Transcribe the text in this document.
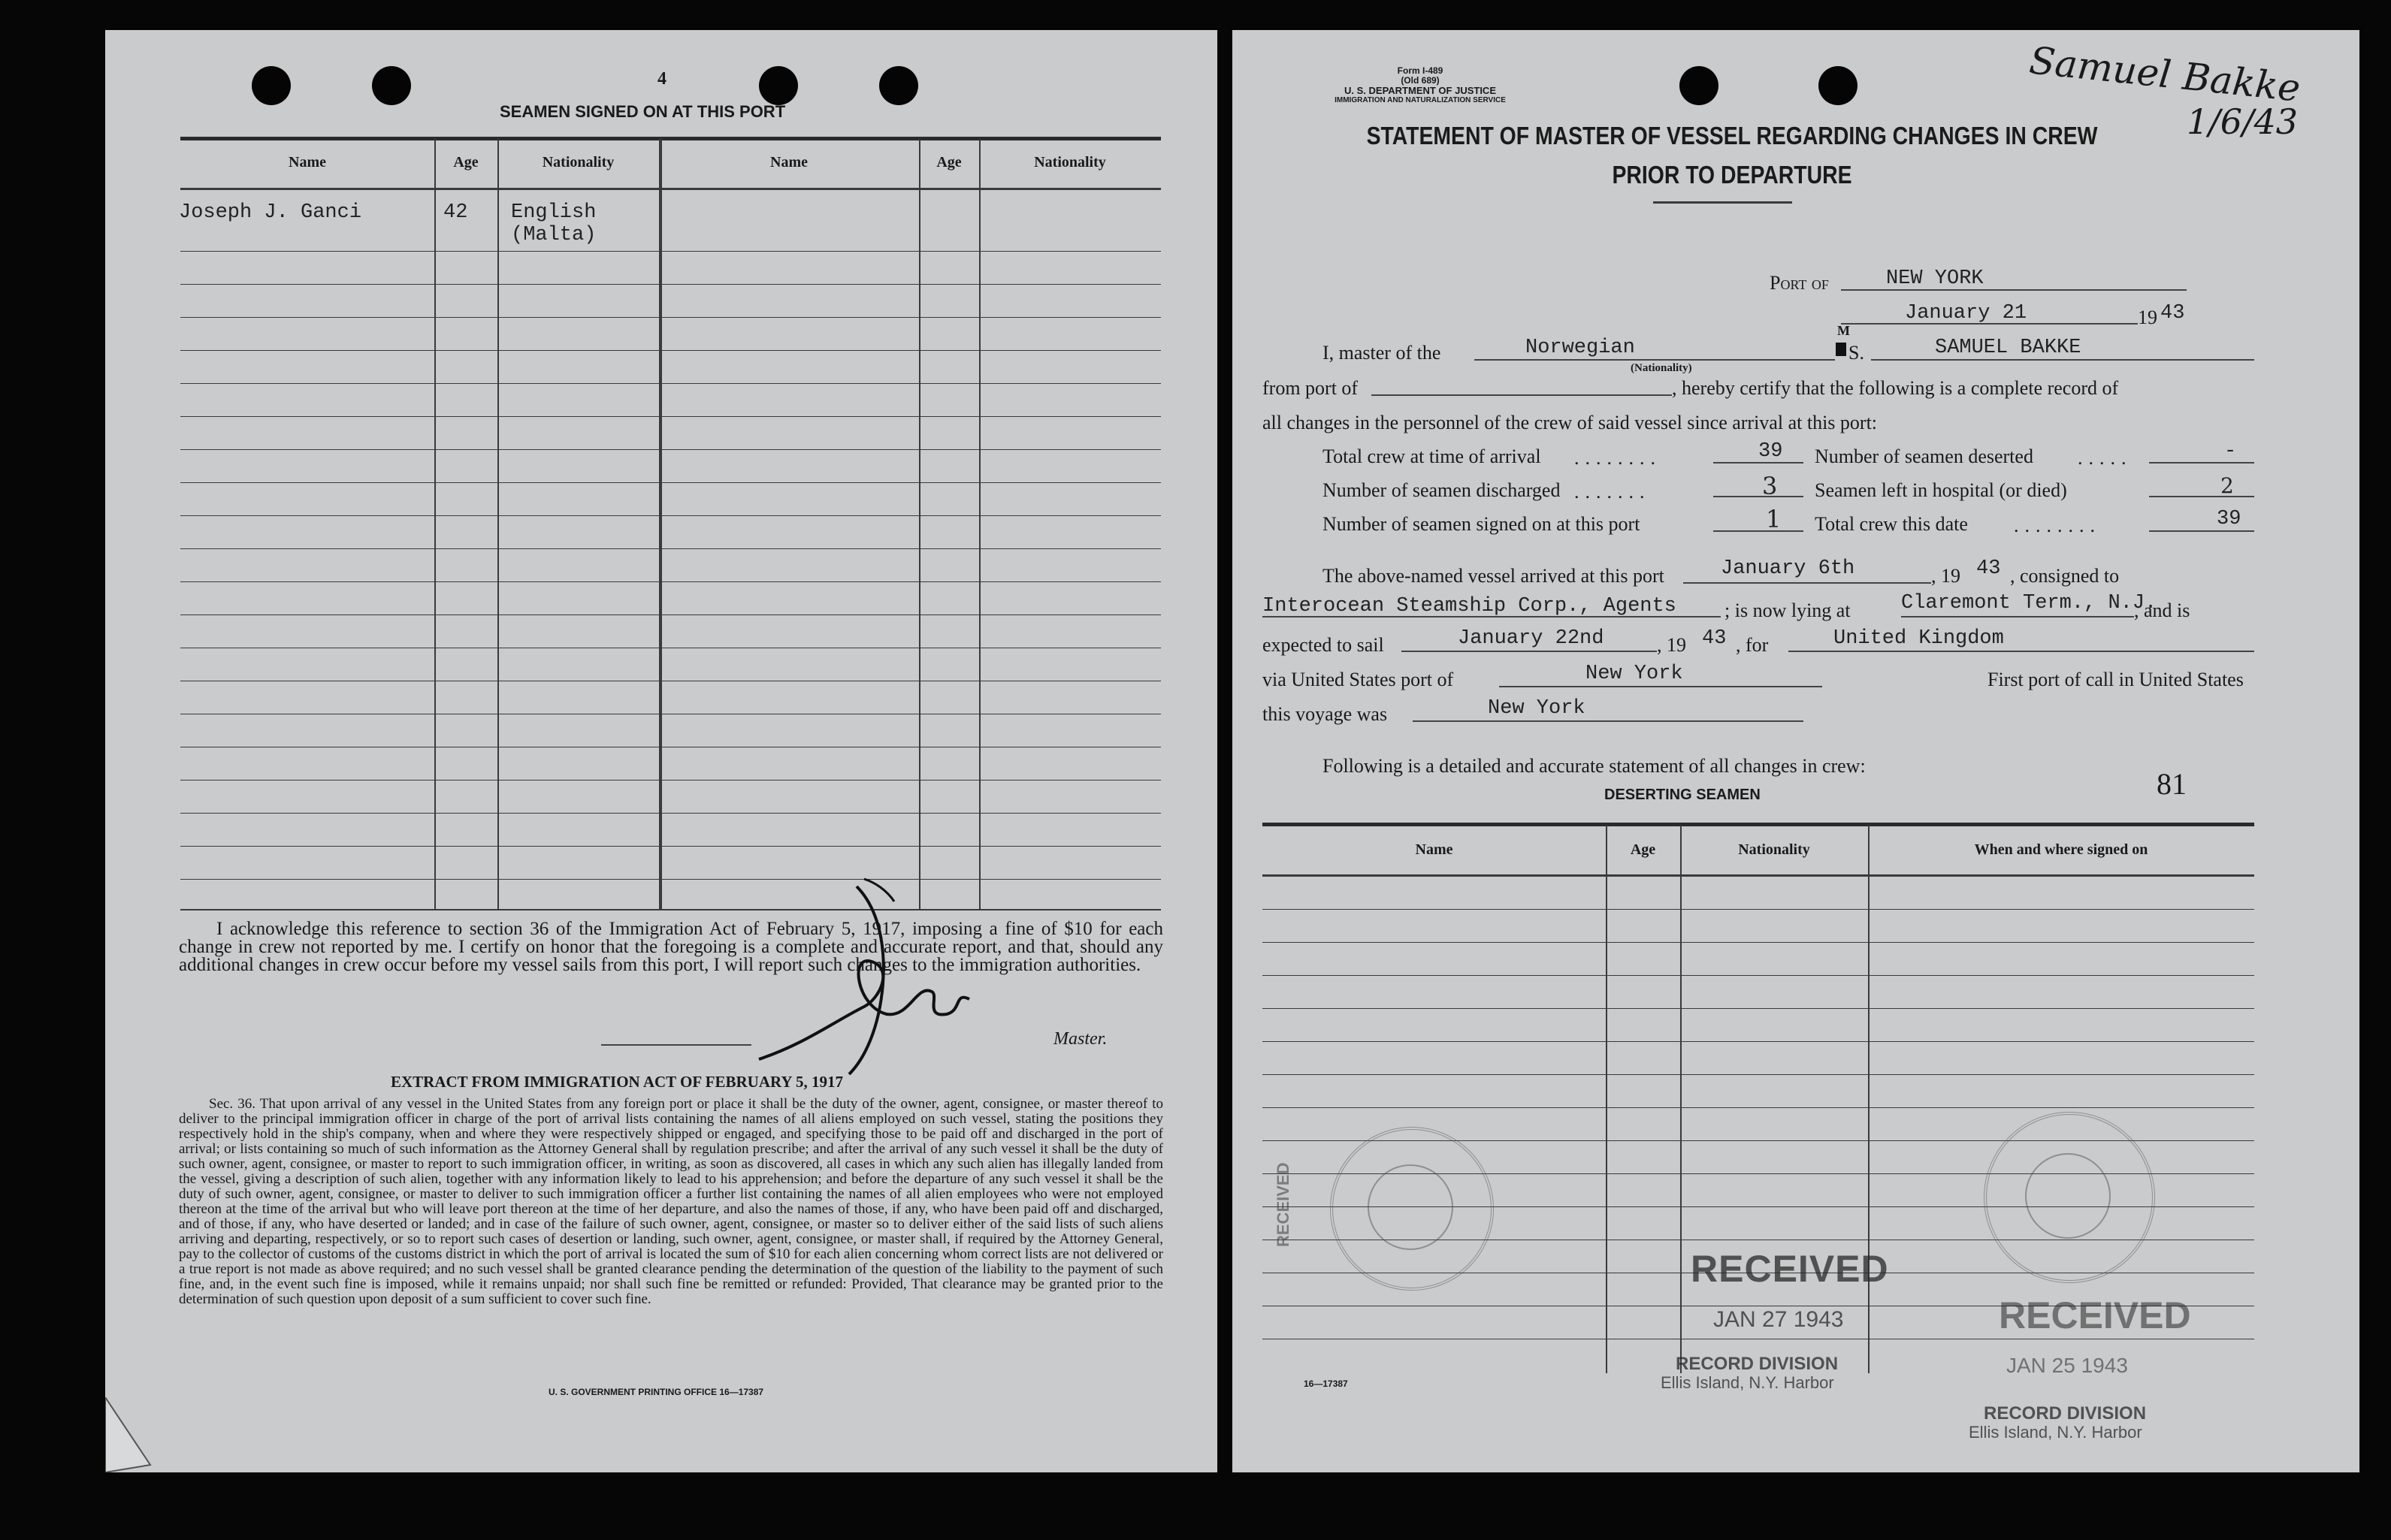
4
SEAMEN SIGNED ON AT THIS PORT
Name	Age	Nationality	Name	Age	Nationality
Joseph J. Ganci	42 English
(Malta)
I acknowledge this reference to section 36 of the Immigration Act of February 5, 1917, imposing a fine of $10 for each change in crew not reported by me. I certify on honor that the foregoing is a complete and accurate report, and that, should any additional changes in crew occur before my vessel sails from this port, I will report such changes to the immigration authorities.
Master.
EXTRACT FROM IMMIGRATION ACT OF FEBRUARY 5, 1917
Sec. 36. That upon arrival of any vessel in the United States from any foreign port or place it shall be the duty of the owner, agent, consignee, or master thereof to deliver to the principal immigration officer in charge of the port of arrival lists containing the names of all aliens employed on such vessel, stating the positions they respectively hold in the ship's company, when and where they were respectively shipped or engaged, and specifying those to be paid off and discharged in the port of arrival; or lists containing so much of such information as the Attorney General shall by regulation prescribe; and after the arrival of any such vessel it shall be the duty of such owner, agent, consignee, or master to report to such immigration officer, in writing, as soon as discovered, all cases in which any such alien has illegally landed from the vessel, giving a description of such alien, together with any information likely to lead to his apprehension; and before the departure of any such vessel it shall be the duty of such owner, agent, consignee, or master to deliver to such immigration officer a further list containing the names of all alien employees who were not employed thereon at the time of the arrival but who will leave port thereon at the time of her departure, and also the names of those, if any, who have been paid off and discharged, and of those, if any, who have deserted or landed; and in case of the failure of such owner, agent, consignee, or master so to deliver either of the said lists of such aliens arriving and departing, respectively, or so to report such cases of desertion or landing, such owner, agent, consignee, or master shall, if required by the Attorney General, pay to the collector of customs of the customs district in which the port of arrival is located the sum of $10 for each alien concerning whom correct lists are not delivered or a true report is not made as above required; and no such vessel shall be granted clearance pending the determination of the question of the liability to the payment of such fine, and, in the event such fine is imposed, while it remains unpaid; nor shall such fine be remitted or refunded: Provided, That clearance may be granted prior to the determination of such question upon deposit of a sum sufficient to cover such fine.
U. S. GOVERNMENT PRINTING OFFICE 16—17387
Form I-489
(Old 689)
U. S. DEPARTMENT OF JUSTICE
IMMIGRATION AND NATURALIZATION SERVICE	Samuel Bakke
1/6/43
STATEMENT OF MASTER OF VESSEL REGARDING CHANGES IN CREW
PRIOR TO DEPARTURE
Port of	NEW YORK
January 21	19 43
I, master of the	Norwegian
(Nationality)
M
S.	SAMUEL BAKKE
from port of	, hereby certify that the following is a complete record of
all changes in the personnel of the crew of said vessel since arrival at this port:
Total crew at time of arrival ........	39 Number of seamen deserted .....	-
Number of seamen discharged .......	3 Seamen left in hospital (or died)	2
Number of seamen signed on at this port	1 Total crew this date ........	39
The above-named vessel arrived at this port	January 6th	, 19 43 , consigned to
Interocean Steamship Corp., Agents ; is now lying at Claremont Term., N.J.
, and is
expected to sail	January 22nd	, 19 43 , for	United Kingdom
via United States port of	New York	First port of call in United States
this voyage was	New York
Following is a detailed and accurate statement of all changes in crew:
DESERTING SEAMEN	81
Name	Age	Nationality	When and where signed on
RECEIVED
RECEIVED
JAN 27 1943
RECORD DIVISION
Ellis Island, N.Y. Harbor
RECEIVED
JAN 25 1943
RECORD DIVISION
Ellis Island, N.Y. Harbor
16—17387
